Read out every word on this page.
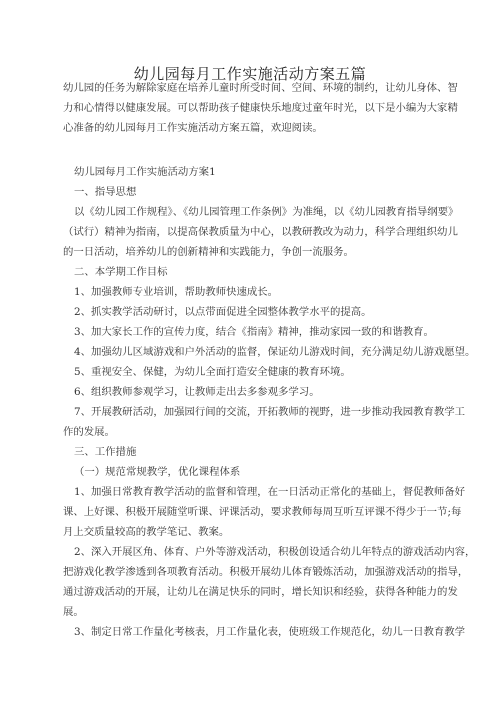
幼儿园每月工作实施活动方案五篇

幼儿园的任务为解除家庭在培养儿童时所受时间、空间、环境的制约，让幼儿身体、智

力和心情得以健康发展。可以帮助孩子健康快乐地度过童年时光，以下是小编为大家精

心准备的幼儿园每月工作实施活动方案五篇，欢迎阅读。

幼儿园每月工作实施活动方案1

一、指导思想

以《幼儿园工作规程》、《幼儿园管理工作条例》为准绳，以《幼儿园教育指导纲要》

（试行）精神为指南，以提高保教质量为中心，以教研教改为动力，科学合理组织幼儿

的一日活动，培养幼儿的创新精神和实践能力，争创一流服务。

二、本学期工作目标

1、加强教师专业培训，帮助教师快速成长。

2、抓实教学活动研讨，以点带面促进全园整体教学水平的提高。

3、加大家长工作的宣传力度，结合《指南》精神，推动家园一致的和谐教育。

4、加强幼儿区域游戏和户外活动的监督，保证幼儿游戏时间，充分满足幼儿游戏愿望。

5、重视安全、保健，为幼儿全面打造安全健康的教育环境。

6、组织教师参观学习，让教师走出去多参观多学习。

7、开展教研活动，加强园行间的交流，开拓教师的视野，进一步推动我园教育教学工

作的发展。

三、工作措施

（一）规范常规教学，优化课程体系

1、加强日常教育教学活动的监督和管理，在一日活动正常化的基础上，督促教师备好

课、上好课、积极开展随堂听课、评课活动，要求教师每周互听互评课不得少于一节;每

月上交质量较高的教学笔记、教案。

2、深入开展区角、体育、户外等游戏活动，积极创设适合幼儿年特点的游戏活动内容，

把游戏化教学渗透到各项教育活动。积极开展幼儿体育锻炼活动，加强游戏活动的指导，

通过游戏活动的开展，让幼儿在满足快乐的同时，增长知识和经验，获得各种能力的发

展。

3、制定日常工作量化考核表，月工作量化表，使班级工作规范化，幼儿一日教育教学
